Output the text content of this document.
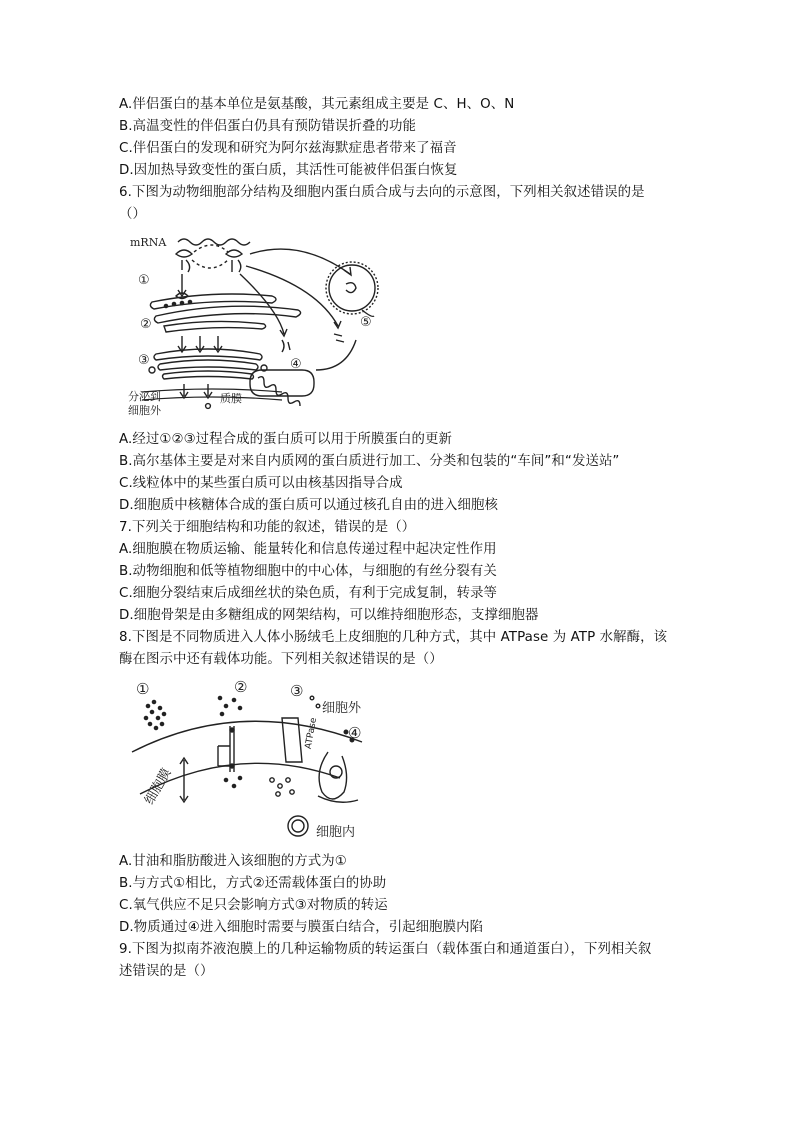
A.伴侣蛋白的基本单位是氨基酸，其元素组成主要是 C、H、O、N
B.高温变性的伴侣蛋白仍具有预防错误折叠的功能
C.伴侣蛋白的发现和研究为阿尔兹海默症患者带来了福音
D.因加热导致变性的蛋白质，其活性可能被伴侣蛋白恢复
6.下图为动物细胞部分结构及细胞内蛋白质合成与去向的示意图，下列相关叙述错误的是
（）
mRNA
①
②
③	④
⑤
分泌到
细胞外
质膜
A.经过①②③过程合成的蛋白质可以用于所膜蛋白的更新
B.高尔基体主要是对来自内质网的蛋白质进行加工、分类和包装的“车间”和“发送站”
C.线粒体中的某些蛋白质可以由核基因指导合成
D.细胞质中核糖体合成的蛋白质可以通过核孔自由的进入细胞核
7.下列关于细胞结构和功能的叙述，错误的是（）
A.细胞膜在物质运输、能量转化和信息传递过程中起决定性作用
B.动物细胞和低等植物细胞中的中心体，与细胞的有丝分裂有关
C.细胞分裂结束后成细丝状的染色质，有利于完成复制，转录等
D.细胞骨架是由多糖组成的网架结构，可以维持细胞形态，支撑细胞器
8.下图是不同物质进入人体小肠绒毛上皮细胞的几种方式，其中 ATPase 为 ATP 水解酶，该
酶在图示中还有载体功能。下列相关叙述错误的是（）
①	②	③
④
细胞外
细胞内
细胞膜
ATPase
A.甘油和脂肪酸进入该细胞的方式为①
B.与方式①相比，方式②还需载体蛋白的协助
C.氧气供应不足只会影响方式③对物质的转运
D.物质通过④进入细胞时需要与膜蛋白结合，引起细胞膜内陷
9.下图为拟南芥液泡膜上的几种运输物质的转运蛋白（载体蛋白和通道蛋白），下列相关叙
述错误的是（）
